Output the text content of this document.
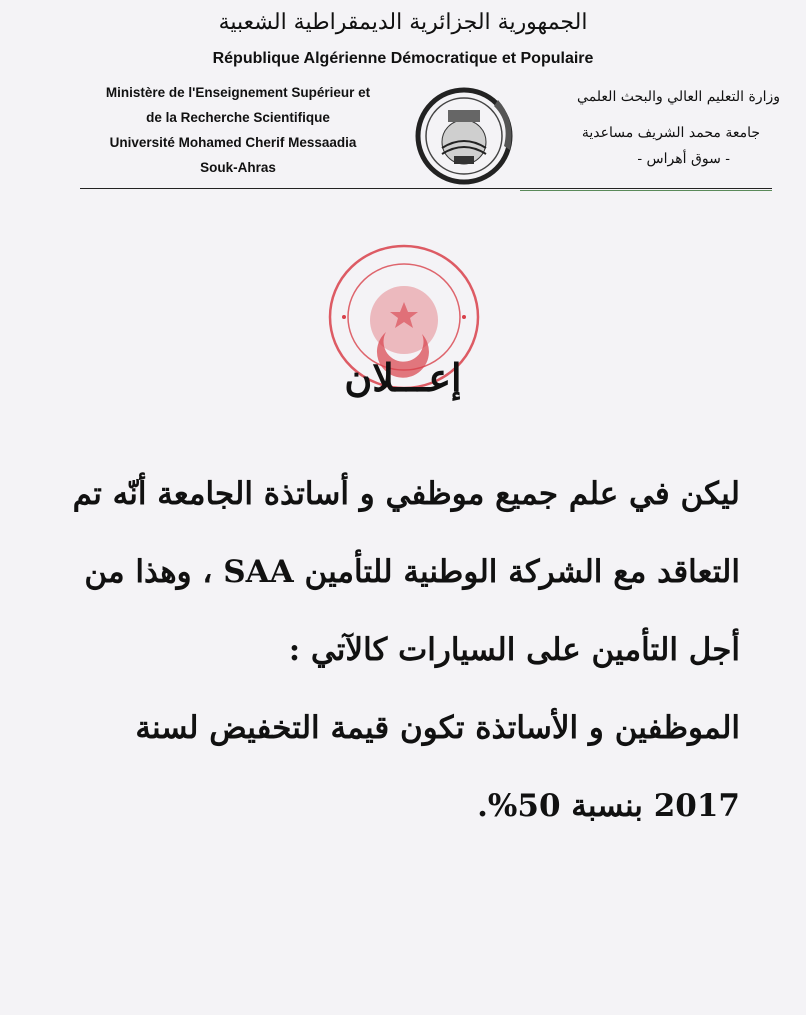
الجمهورية الجزائرية الديمقراطية الشعبية
République Algérienne Démocratique et Populaire
Ministère de l'Enseignement Supérieur et
de la Recherche Scientifique
Université Mohamed Cherif Messaadia
Souk-Ahras
وزارة التعليم العالي والبحث العلمي
جامعة محمد الشريف مساعدية
- سوق أهراس -
إعـــلان
ليكن في علم جميع موظفي و أساتذة الجامعة أنّه تم
التعاقد مع الشركة الوطنية للتأمين SAA ، وهذا من
أجل التأمين على السيارات كالآتي :
الموظفين و الأساتذة تكون قيمة التخفيض لسنة
2017 بنسبة 50%.
